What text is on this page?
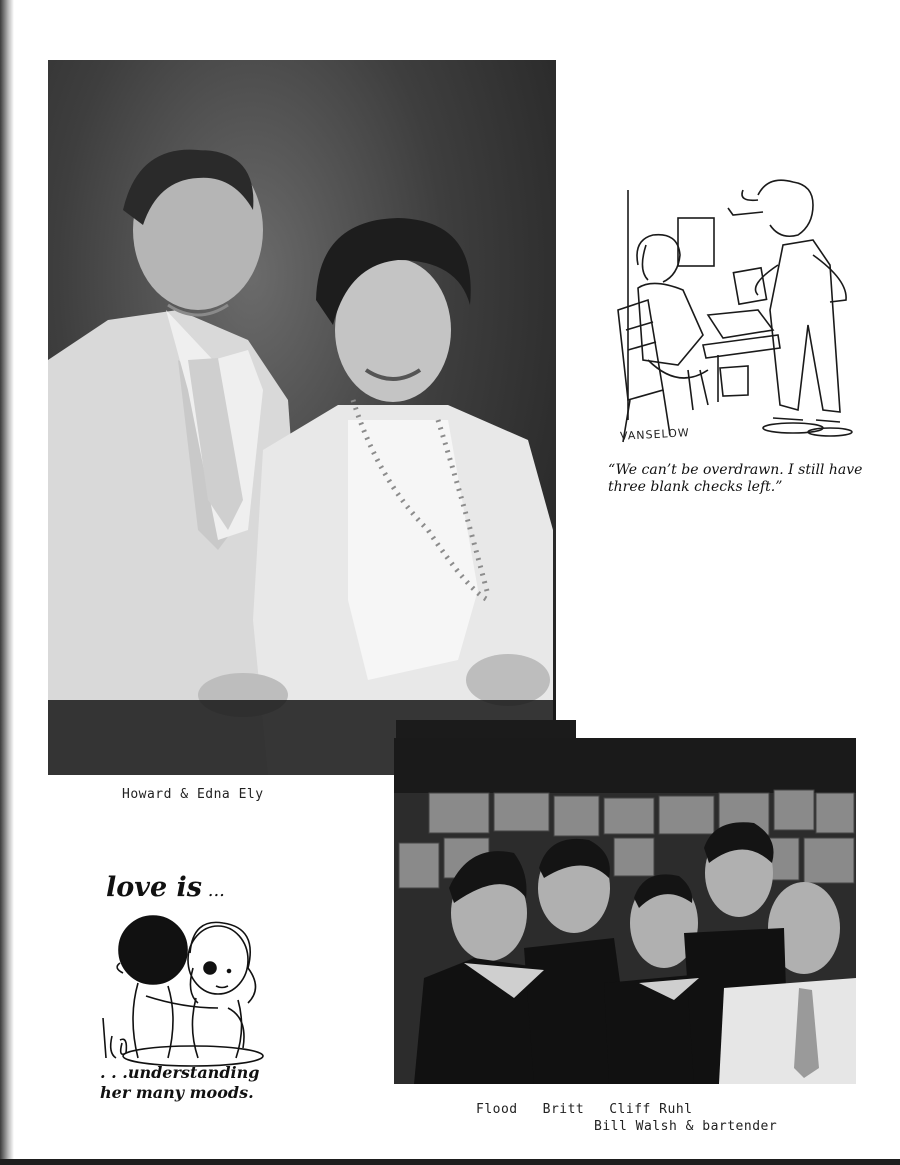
VANSELOW
“We can’t be overdrawn. I still have
three blank checks left.”
Howard & Edna Ely
love is ...
. . .understanding
her many moods.
Flood   Britt   Cliff Ruhl
Bill Walsh & bartender
